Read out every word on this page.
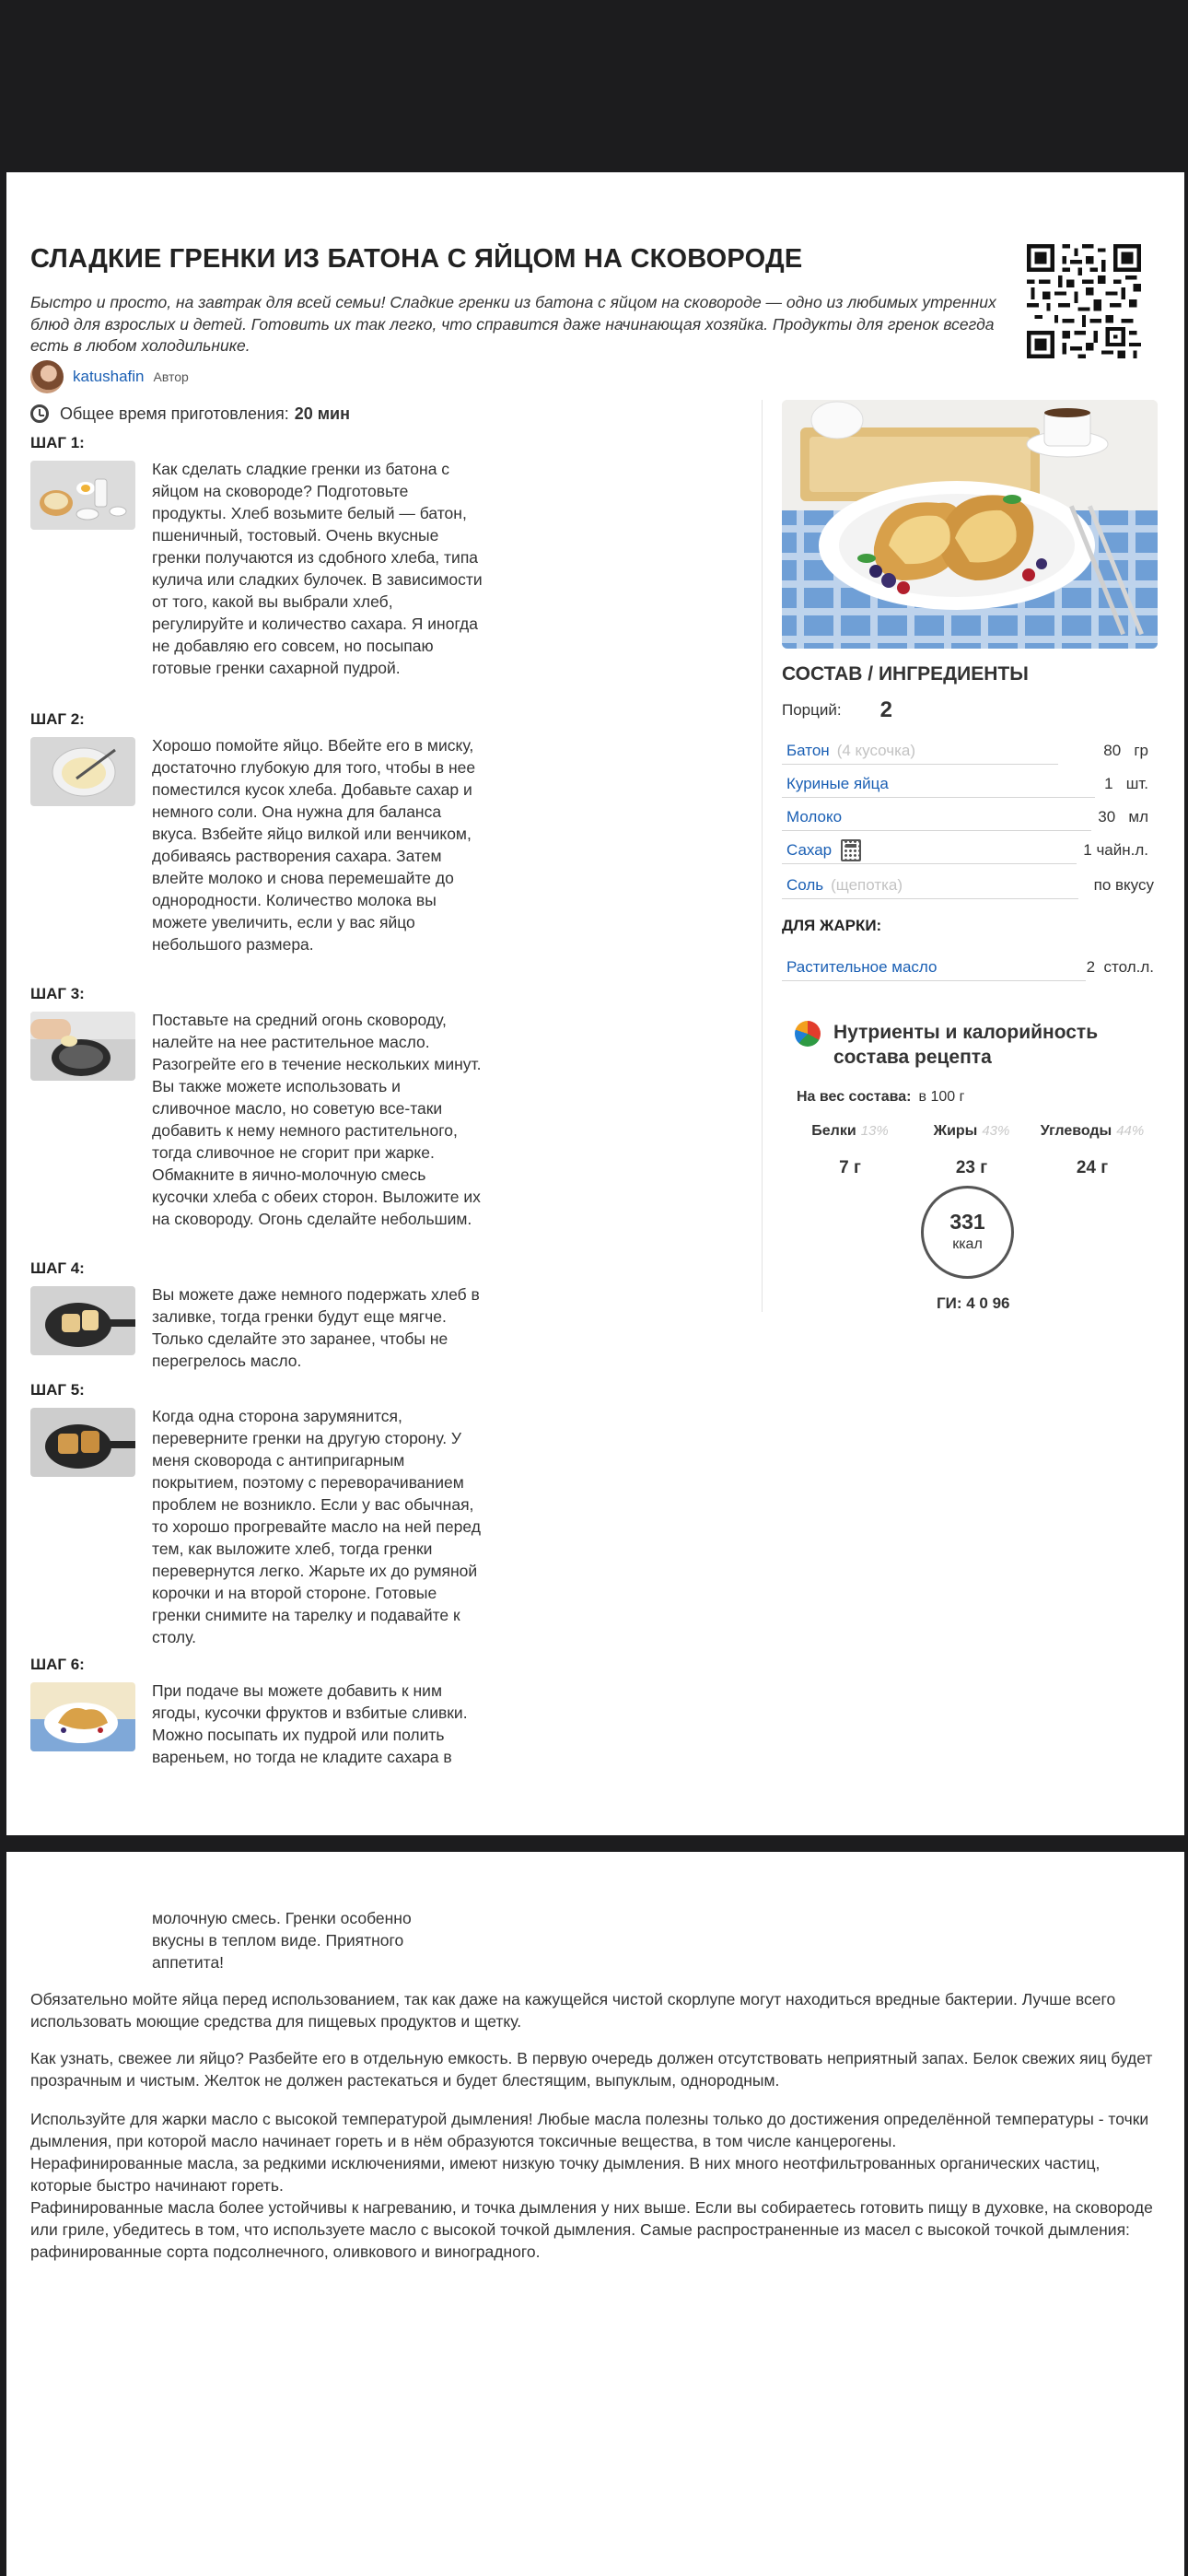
СЛАДКИЕ ГРЕНКИ ИЗ БАТОНА С ЯЙЦОМ НА СКОВОРОДЕ
Быстро и просто, на завтрак для всей семьи! Сладкие гренки из батона с яйцом на сковороде — одно из любимых утренних блюд для взрослых и детей. Готовить их так легко, что справится даже начинающая хозяйка. Продукты для гренок всегда есть в любом холодильнике.
katushafin Автор
Общее время приготовления: 20 мин
ШАГ 1:
Как сделать сладкие гренки из батона с яйцом на сковороде? Подготовьте продукты. Хлеб возьмите белый — батон, пшеничный, тостовый. Очень вкусные гренки получаются из сдобного хлеба, типа кулича или сладких булочек. В зависимости от того, какой вы выбрали хлеб, регулируйте и количество сахара. Я иногда не добавляю его совсем, но посыпаю готовые гренки сахарной пудрой.
ШАГ 2:
Хорошо помойте яйцо. Вбейте его в миску, достаточно глубокую для того, чтобы в нее поместился кусок хлеба. Добавьте сахар и немного соли. Она нужна для баланса вкуса. Взбейте яйцо вилкой или венчиком, добиваясь растворения сахара. Затем влейте молоко и снова перемешайте до однородности. Количество молока вы можете увеличить, если у вас яйцо небольшого размера.
ШАГ 3:
Поставьте на средний огонь сковороду, налейте на нее растительное масло. Разогрейте его в течение нескольких минут. Вы также можете использовать и сливочное масло, но советую все-таки добавить к нему немного растительного, тогда сливочное не сгорит при жарке. Обмакните в яично-молочную смесь кусочки хлеба с обеих сторон. Выложите их на сковороду. Огонь сделайте небольшим.
ШАГ 4:
Вы можете даже немного подержать хлеб в заливке, тогда гренки будут еще мягче. Только сделайте это заранее, чтобы не перегрелось масло.
ШАГ 5:
Когда одна сторона зарумянится, переверните гренки на другую сторону. У меня сковорода с антипригарным покрытием, поэтому с переворачиванием проблем не возникло. Если у вас обычная, то хорошо прогревайте масло на ней перед тем, как выложите хлеб, тогда гренки перевернутся легко. Жарьте их до румяной корочки и на второй стороне. Готовые гренки снимите на тарелку и подавайте к столу.
ШАГ 6:
При подаче вы можете добавить к ним ягоды, кусочки фруктов и взбитые сливки. Можно посыпать их пудрой или полить вареньем, но тогда не кладите сахара в
СОСТАВ / ИНГРЕДИЕНТЫ
Порций: 2
Батон (4 кусочка)	80 гр
Куриные яйца	1 шт.
Молоко	30 мл
Сахар	1 чайн.л.
Соль (щепотка)	по вкусу
ДЛЯ ЖАРКИ:
Растительное масло	2 стол.л.
Нутриенты и калорийность состава рецепта
На вес состава: в 100 г
Белки 13%
7 г
Жиры 43%
23 г
Углеводы 44%
24 г
331
ккал
ГИ: 4 0 96
молочную смесь. Гренки особенно вкусны в теплом виде. Приятного аппетита!
Обязательно мойте яйца перед использованием, так как даже на кажущейся чистой скорлупе могут находиться вредные бактерии. Лучше всего использовать моющие средства для пищевых продуктов и щетку.
Как узнать, свежее ли яйцо? Разбейте его в отдельную емкость. В первую очередь должен отсутствовать неприятный запах. Белок свежих яиц будет прозрачным и чистым. Желток не должен растекаться и будет блестящим, выпуклым, однородным.
Используйте для жарки масло с высокой температурой дымления! Любые масла полезны только до достижения определённой температуры - точки дымления, при которой масло начинает гореть и в нём образуются токсичные вещества, в том числе канцерогены.
Нерафинированные масла, за редкими исключениями, имеют низкую точку дымления. В них много неотфильтрованных органических частиц, которые быстро начинают гореть.
Рафинированные масла более устойчивы к нагреванию, и точка дымления у них выше. Если вы собираетесь готовить пищу в духовке, на сковороде или гриле, убедитесь в том, что используете масло с высокой точкой дымления. Самые распространенные из масел с высокой точкой дымления: рафинированные сорта подсолнечного, оливкового и виноградного.
